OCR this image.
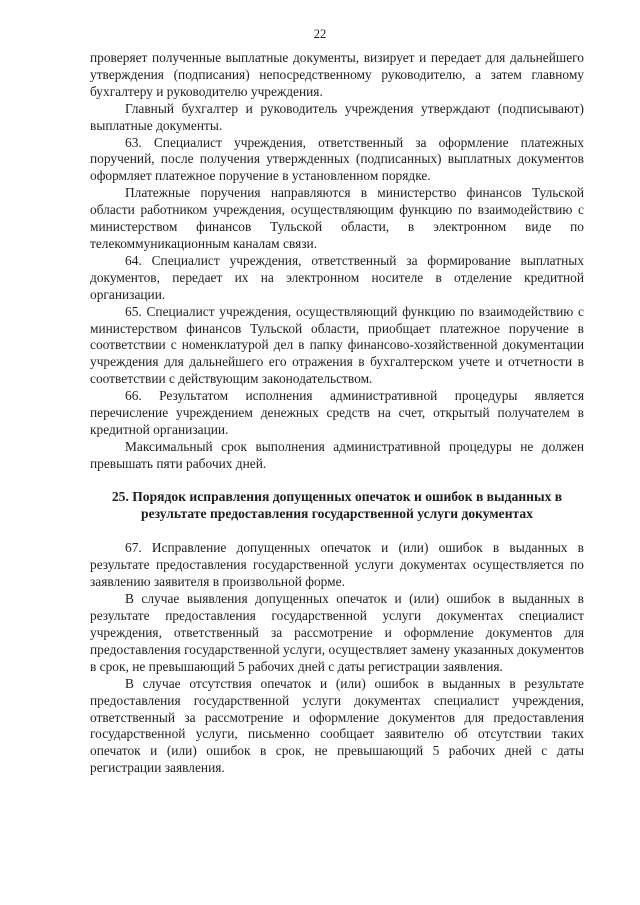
22

проверяет полученные выплатные документы, визирует и передает для дальнейшего утверждения (подписания) непосредственному руководителю, а затем главному бухгалтеру и руководителю учреждения.

Главный бухгалтер и руководитель учреждения утверждают (подписывают) выплатные документы.

63. Специалист учреждения, ответственный за оформление платежных поручений, после получения утвержденных (подписанных) выплатных документов оформляет платежное поручение в установленном порядке.

Платежные поручения направляются в министерство финансов Тульской области работником учреждения, осуществляющим функцию по взаимодействию с министерством финансов Тульской области, в электронном виде по телекоммуникационным каналам связи.

64. Специалист учреждения, ответственный за формирование выплатных документов, передает их на электронном носителе в отделение кредитной организации.

65. Специалист учреждения, осуществляющий функцию по взаимодействию с министерством финансов Тульской области, приобщает платежное поручение в соответствии с номенклатурой дел в папку финансово-хозяйственной документации учреждения для дальнейшего его отражения в бухгалтерском учете и отчетности в соответствии с действующим законодательством.

66. Результатом исполнения административной процедуры является перечисление учреждением денежных средств на счет, открытый получателем в кредитной организации.

Максимальный срок выполнения административной процедуры не должен превышать пяти рабочих дней.

25. Порядок исправления допущенных опечаток и ошибок в выданных в результате предоставления государственной услуги документах

67. Исправление допущенных опечаток и (или) ошибок в выданных в результате предоставления государственной услуги документах осуществляется по заявлению заявителя в произвольной форме.

В случае выявления допущенных опечаток и (или) ошибок в выданных в результате предоставления государственной услуги документах специалист учреждения, ответственный за рассмотрение и оформление документов для предоставления государственной услуги, осуществляет замену указанных документов в срок, не превышающий 5 рабочих дней с даты регистрации заявления.

В случае отсутствия опечаток и (или) ошибок в выданных в результате предоставления государственной услуги документах специалист учреждения, ответственный за рассмотрение и оформление документов для предоставления государственной услуги, письменно сообщает заявителю об отсутствии таких опечаток и (или) ошибок в срок, не превышающий 5 рабочих дней с даты регистрации заявления.
